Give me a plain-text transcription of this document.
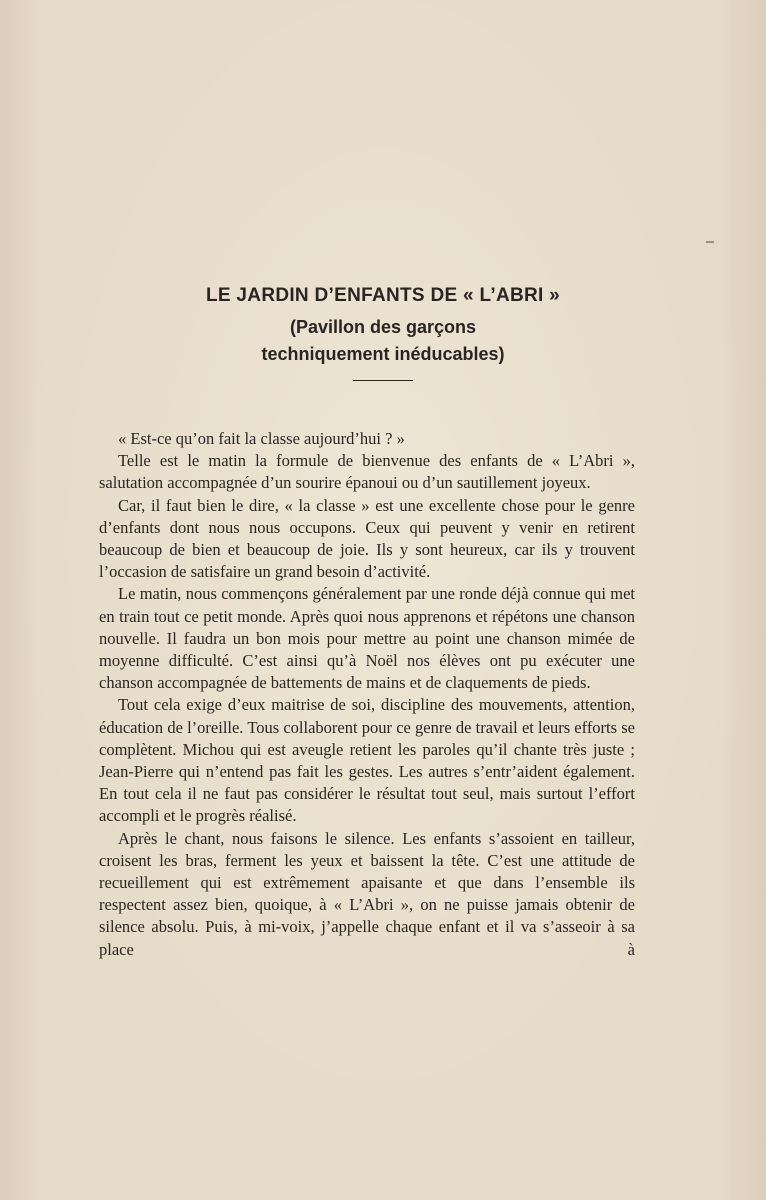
LE JARDIN D’ENFANTS DE « L’ABRI »

(Pavillon des garçons

techniquement inéducables)

« Est-ce qu’on fait la classe aujourd’hui ? »

Telle est le matin la formule de bienvenue des enfants de « L’Abri », salutation accompagnée d’un sourire épanoui ou d’un sautillement joyeux.

Car, il faut bien le dire, « la classe » est une excellente chose pour le genre d’enfants dont nous nous occupons. Ceux qui peuvent y venir en retirent beaucoup de bien et beaucoup de joie. Ils y sont heureux, car ils y trouvent l’occasion de satisfaire un grand besoin d’activité.

Le matin, nous commençons généralement par une ronde déjà connue qui met en train tout ce petit monde. Après quoi nous apprenons et répétons une chanson nouvelle. Il faudra un bon mois pour mettre au point une chanson mimée de moyenne difficulté. C’est ainsi qu’à Noël nos élèves ont pu exécuter une chanson accompagnée de battements de mains et de claquements de pieds.

Tout cela exige d’eux maitrise de soi, discipline des mouvements, attention, éducation de l’oreille. Tous collaborent pour ce genre de travail et leurs efforts se complètent. Michou qui est aveugle retient les paroles qu’il chante très juste ; Jean-Pierre qui n’entend pas fait les gestes. Les autres s’entr’aident également. En tout cela il ne faut pas considérer le résultat tout seul, mais surtout l’effort accompli et le progrès réalisé.

Après le chant, nous faisons le silence. Les enfants s’assoient en tailleur, croisent les bras, ferment les yeux et baissent la tête. C’est une attitude de recueillement qui est extrêmement apaisante et que dans l’ensemble ils respectent assez bien, quoique, à « L’Abri », on ne puisse jamais obtenir de silence absolu. Puis, à mi-voix, j’appelle chaque enfant et il va s’asseoir à sa place à
